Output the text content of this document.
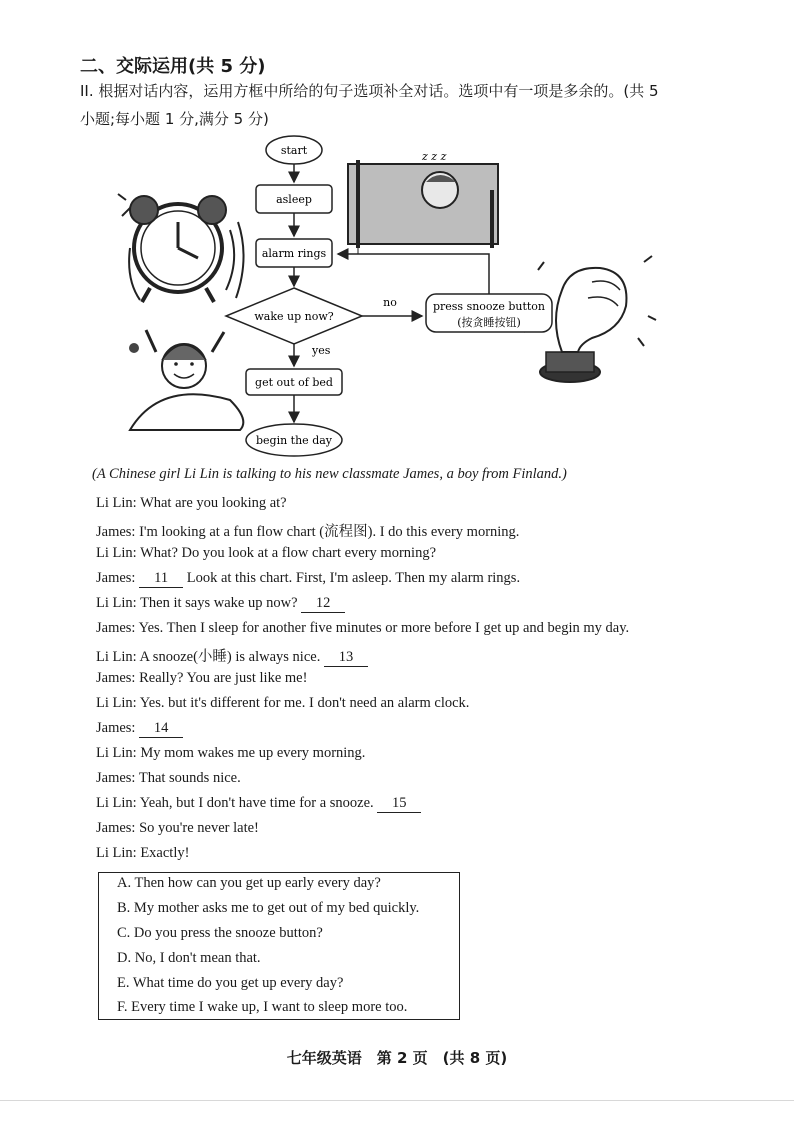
二、交际运用(共 5 分)
II. 根据对话内容，运用方框中所给的句子选项补全对话。选项中有一项是多余的。(共 5
小题;每小题 1 分,满分 5 分)
z z z
start
asleep
alarm rings
wake up now?
no	press snooze button
(按贪睡按钮)
yes
get out of bed
begin the day
(A Chinese girl Li Lin is talking to his new classmate James, a boy from Finland.)
Li Lin: What are you looking at?
James: I'm looking at a fun flow chart (流程图). I do this every morning.
Li Lin: What? Do you look at a flow chart every morning?
James: 11 Look at this chart. First, I'm asleep. Then my alarm rings.
Li Lin: Then it says wake up now? 12
James: Yes. Then I sleep for another five minutes or more before I get up and begin my day.
Li Lin: A snooze(小睡) is always nice. 13
James: Really? You are just like me!
Li Lin: Yes. but it's different for me. I don't need an alarm clock.
James: 14
Li Lin: My mom wakes me up every morning.
James: That sounds nice.
Li Lin: Yeah, but I don't have time for a snooze. 15
James: So you're never late!
Li Lin: Exactly!
A. Then how can you get up early every day?
B. My mother asks me to get out of my bed quickly.
C. Do you press the snooze button?
D. No, I don't mean that.
E. What time do you get up every day?
F. Every time I wake up, I want to sleep more too.
七年级英语　第 2 页　(共 8 页)
